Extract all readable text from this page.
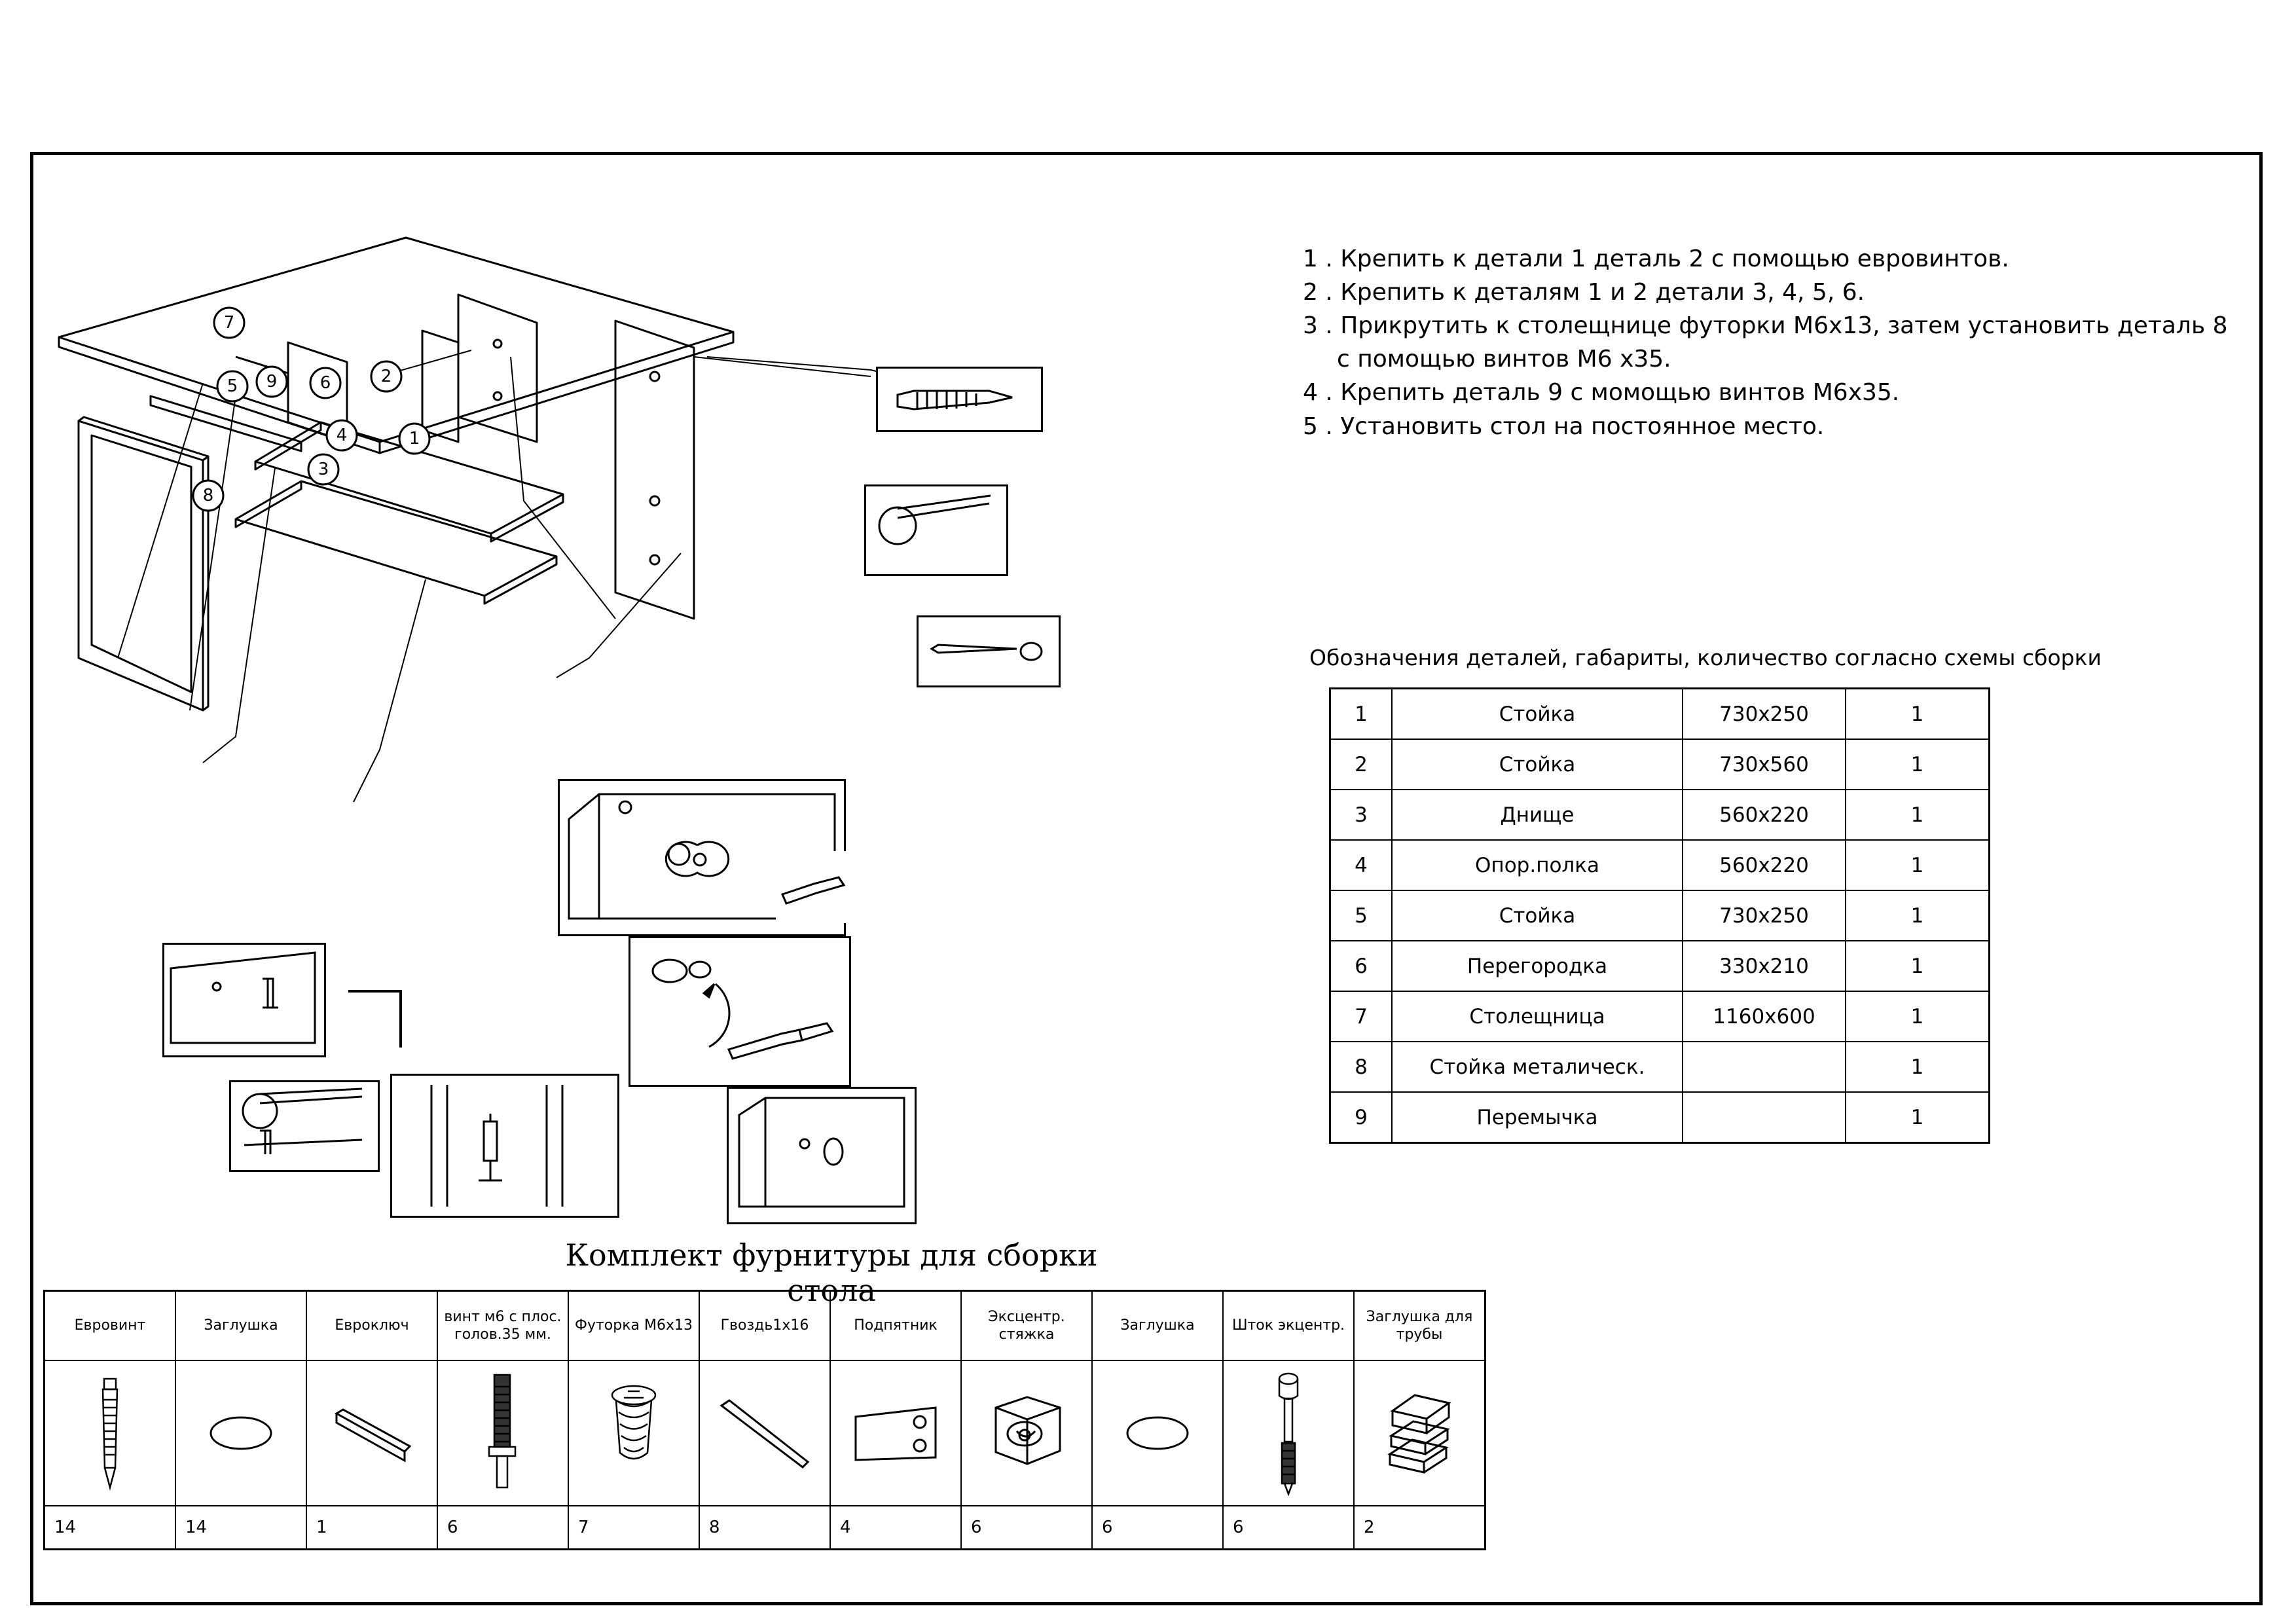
7
2
9
5	6
4
3
1
8
1 . Крепить к детали 1 деталь 2 с помощью еврoвинтов.
2 . Крепить к деталям 1 и 2 детали 3, 4, 5, 6.
3 . Прикрутить к столещнице футорки М6х13, затем установить деталь 8
с помощью винтов М6 х35.
4 . Крепить деталь 9 с момощью винтов М6х35.
5 . Установить стол на постоянное место.
Обозначения деталей, габариты, количество согласно схемы сборки
1	Стойка	730х250	1
2	Стойка	730х560	1
3	Днище	560х220	1
4	Опор.полка	560х220	1
5	Стойка	730х250	1
6	Перегородка	330х210	1
7	Столещница	1160х600	1
8	Стойка металическ.		1
9	Перемычка		1
Комплект фурнитуры для сборки стола
Евровинт	Заглушка	Евроключ	винт м6 с плос. голов.35 мм.	Футорка М6х13	Гвоздь1х16	Подпятник	Эксцентр. стяжка	Заглушка	Шток экцентр.	Заглушка для трубы

14	14	1	6	7	8	4	6	6	6	2
